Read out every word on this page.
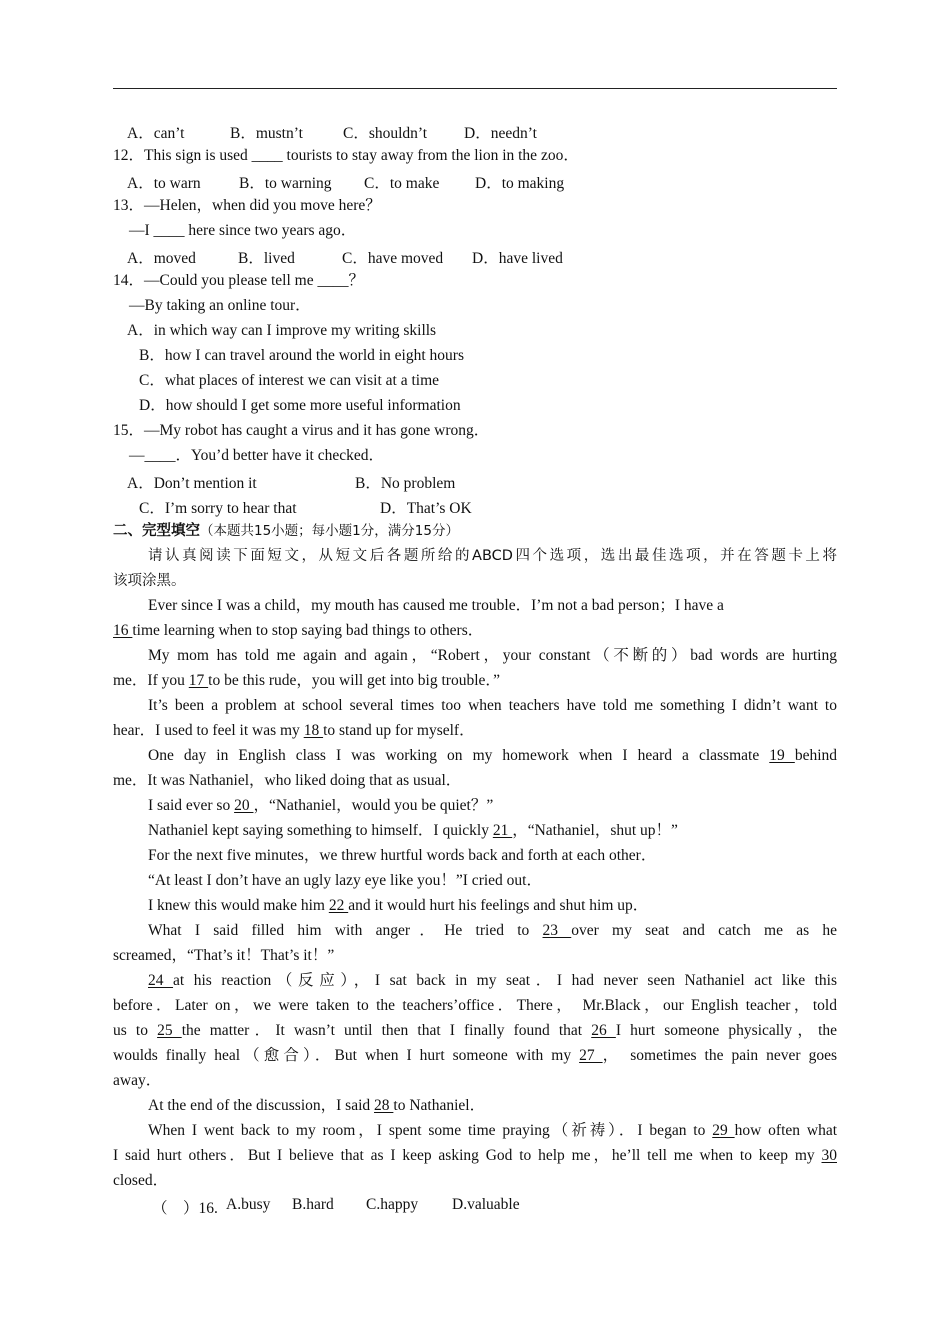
A．can’t	B．mustn’t	C．shouldn’t D．needn’t
12．This sign is used ____ tourists to stay away from the lion in the zoo．
A．to warn B．to warning C．to make D．to making
13．—Helen，when did you move here？
—I ____ here since two years ago．
A．moved	B．lived	C．have moved D．have lived
14．—Could you please tell me ____？
—By taking an online tour．
A．in which way can I improve my writing skills
B．how I can travel around the world in eight hours
C．what places of interest we can visit at a time
D．how should I get some more useful information
15．—My robot has caught a virus and it has gone wrong．
—____．You’d better have it checked．
A．Don’t mention it	B．No problem
C．I’m sorry to hear that	D．That’s OK
二、完型填空（本题共15小题；每小题1分，满分15分）
请认真阅读下面短文，从短文后各题所给的ABCD四个选项，选出最佳选项，并在答题卡上将
该项涂黑。
Ever since I was a child，my mouth has caused me trouble．I’m not a bad person；I have a
16 time learning when to stop saying bad things to others．
My mom has told me again and again，“Robert，your constant（不断的）bad words are hurting
me．If you 17 to be this rude，you will get into big trouble．”
It’s been a problem at school several times too when teachers have told me something I didn’t want to
hear．I used to feel it was my 18 to stand up for myself．
One day in English class I was working on my homework when I heard a classmate 19 behind
me．It was Nathaniel，who liked doing that as usual．
I said ever so 20 ，“Nathaniel，would you be quiet？”
Nathaniel kept saying something to himself．I quickly 21 ，“Nathaniel，shut up！”
For the next five minutes，we threw hurtful words back and forth at each other．
“At least I don’t have an ugly lazy eye like you！”I cried out．
I knew this would make him 22 and it would hurt his feelings and shut him up．
What I said filled him with anger．He tried to 23 over my seat and catch me as he
screamed，“That’s it！That’s it！”
24 at his reaction（反应），I sat back in my seat．I had never seen Nathaniel act like this
before．Later on，we were taken to the teachers’office．There， Mr.Black，our English teacher，told
us to 25 the matter．It wasn’t until then that I finally found that 26 I hurt someone physically，the
woulds finally heal（愈合）．But when I hurt someone with my 27 ， sometimes the pain never goes
away．
At the end of the discussion，I said 28 to Nathaniel．
When I went back to my room，I spent some time praying（祈祷）．I began to 29 how often what
I said hurt others．But I believe that as I keep asking God to help me，he’ll tell me when to keep my 30
closed．
（　）16. A.busy B.hard C.happy D.valuable
